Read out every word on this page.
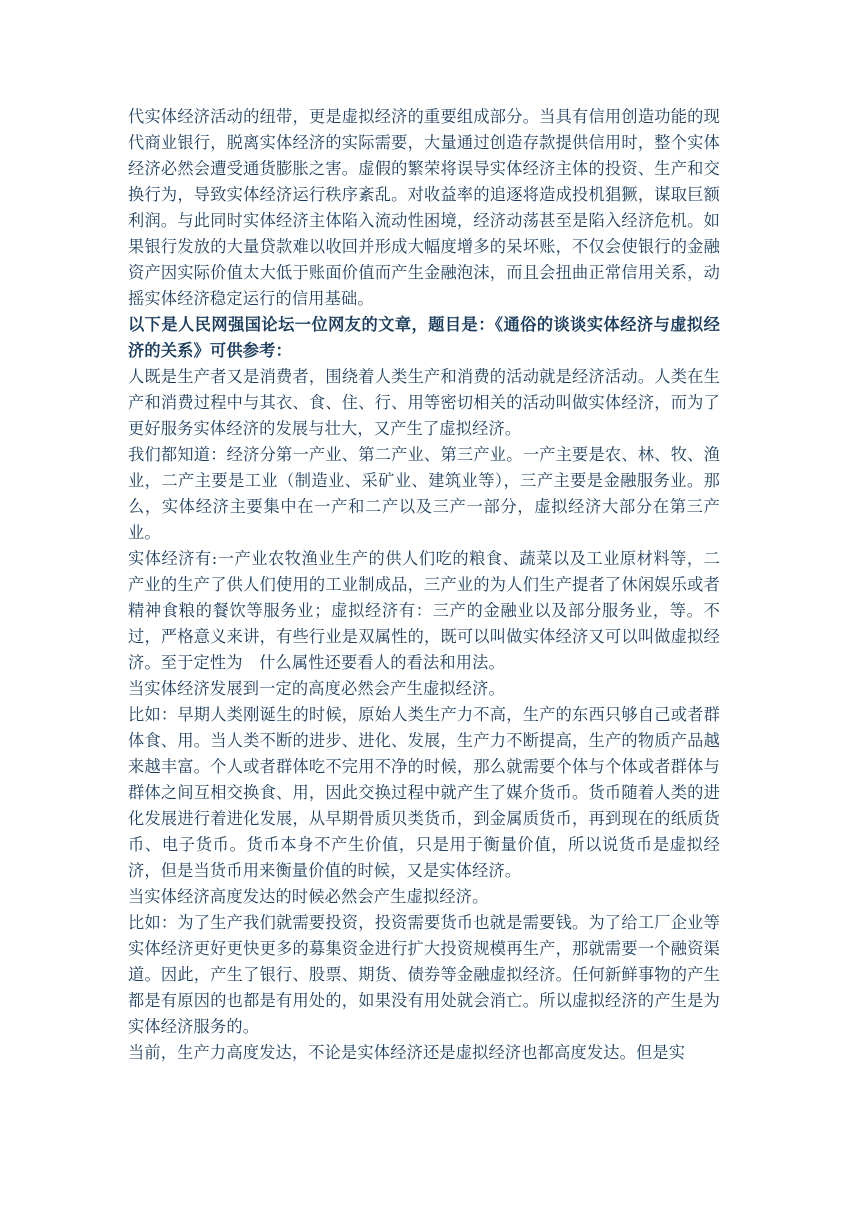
代实体经济活动的纽带，更是虚拟经济的重要组成部分。当具有信用创造功能的现代商业银行，脱离实体经济的实际需要，大量通过创造存款提供信用时，整个实体经济必然会遭受通货膨胀之害。虚假的繁荣将误导实体经济主体的投资、生产和交换行为，导致实体经济运行秩序紊乱。对收益率的追逐将造成投机猖獗，谋取巨额利润。与此同时实体经济主体陷入流动性困境，经济动荡甚至是陷入经济危机。如果银行发放的大量贷款难以收回并形成大幅度增多的呆坏账，不仅会使银行的金融资产因实际价值太大低于账面价值而产生金融泡沫，而且会扭曲正常信用关系，动摇实体经济稳定运行的信用基础。

以下是人民网强国论坛一位网友的文章，题目是：《通俗的谈谈实体经济与虚拟经济的关系》可供参考：

人既是生产者又是消费者，围绕着人类生产和消费的活动就是经济活动。人类在生产和消费过程中与其衣、食、住、行、用等密切相关的活动叫做实体经济，而为了更好服务实体经济的发展与壮大，又产生了虚拟经济。

我们都知道：经济分第一产业、第二产业、第三产业。一产主要是农、林、牧、渔业，二产主要是工业（制造业、采矿业、建筑业等），三产主要是金融服务业。那么，实体经济主要集中在一产和二产以及三产一部分，虚拟经济大部分在第三产业。

实体经济有:一产业农牧渔业生产的供人们吃的粮食、蔬菜以及工业原材料等，二产业的生产了供人们使用的工业制成品，三产业的为人们生产提者了休闲娱乐或者精神食粮的餐饮等服务业；虚拟经济有：三产的金融业以及部分服务业，等。不过，严格意义来讲，有些行业是双属性的，既可以叫做实体经济又可以叫做虚拟经济。至于定性为　什么属性还要看人的看法和用法。

当实体经济发展到一定的高度必然会产生虚拟经济。

比如：早期人类刚诞生的时候，原始人类生产力不高，生产的东西只够自己或者群体食、用。当人类不断的进步、进化、发展，生产力不断提高，生产的物质产品越来越丰富。个人或者群体吃不完用不净的时候，那么就需要个体与个体或者群体与群体之间互相交换食、用，因此交换过程中就产生了媒介货币。货币随着人类的进化发展进行着进化发展，从早期骨质贝类货币，到金属质货币，再到现在的纸质货币、电子货币。货币本身不产生价值，只是用于衡量价值，所以说货币是虚拟经济，但是当货币用来衡量价值的时候，又是实体经济。

当实体经济高度发达的时候必然会产生虚拟经济。

比如：为了生产我们就需要投资，投资需要货币也就是需要钱。为了给工厂企业等实体经济更好更快更多的募集资金进行扩大投资规模再生产，那就需要一个融资渠道。因此，产生了银行、股票、期货、债券等金融虚拟经济。任何新鲜事物的产生都是有原因的也都是有用处的，如果没有用处就会消亡。所以虚拟经济的产生是为实体经济服务的。

当前，生产力高度发达，不论是实体经济还是虚拟经济也都高度发达。但是实
